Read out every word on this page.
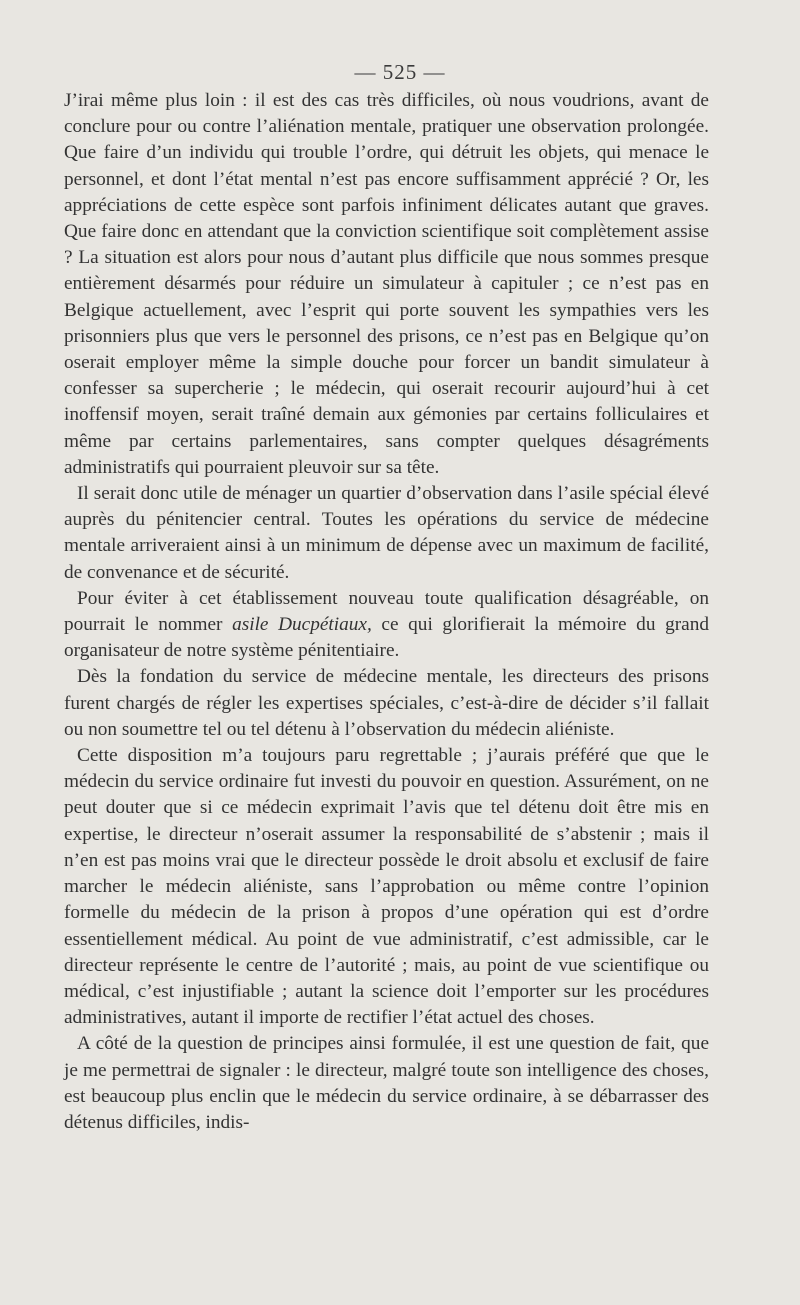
— 525 —

J’irai même plus loin : il est des cas très difficiles, où nous voudrions, avant de conclure pour ou contre l’aliénation mentale, pratiquer une observation prolongée. Que faire d’un individu qui trouble l’ordre, qui détruit les objets, qui menace le personnel, et dont l’état mental n’est pas encore suffisamment apprécié ? Or, les appréciations de cette espèce sont parfois infiniment délicates autant que graves. Que faire donc en attendant que la conviction scientifique soit complètement assise ? La situation est alors pour nous d’autant plus difficile que nous sommes presque entièrement désarmés pour réduire un simulateur à capituler ; ce n’est pas en Belgique actuellement, avec l’esprit qui porte souvent les sympathies vers les prisonniers plus que vers le personnel des prisons, ce n’est pas en Belgique qu’on oserait employer même la simple douche pour forcer un bandit simulateur à confesser sa supercherie ; le médecin, qui oserait recourir aujourd’hui à cet inoffensif moyen, serait traîné demain aux gémonies par certains folliculaires et même par certains parlementaires, sans compter quelques désagréments administratifs qui pourraient pleuvoir sur sa tête.

Il serait donc utile de ménager un quartier d’observation dans l’asile spécial élevé auprès du pénitencier central. Toutes les opérations du service de médecine mentale arriveraient ainsi à un minimum de dépense avec un maximum de facilité, de convenance et de sécurité.

Pour éviter à cet établissement nouveau toute qualification désagréable, on pourrait le nommer asile Ducpétiaux, ce qui glorifierait la mémoire du grand organisateur de notre système pénitentiaire.

Dès la fondation du service de médecine mentale, les directeurs des prisons furent chargés de régler les expertises spéciales, c’est-à-dire de décider s’il fallait ou non soumettre tel ou tel détenu à l’observation du médecin aliéniste.

Cette disposition m’a toujours paru regrettable ; j’aurais préféré que que le médecin du service ordinaire fut investi du pouvoir en question. Assurément, on ne peut douter que si ce médecin exprimait l’avis que tel détenu doit être mis en expertise, le directeur n’oserait assumer la responsabilité de s’abstenir ; mais il n’en est pas moins vrai que le directeur possède le droit absolu et exclusif de faire marcher le médecin aliéniste, sans l’approbation ou même contre l’opinion formelle du médecin de la prison à propos d’une opération qui est d’ordre essentiellement médical. Au point de vue administratif, c’est admissible, car le directeur représente le centre de l’autorité ; mais, au point de vue scientifique ou médical, c’est injustifiable ; autant la science doit l’emporter sur les procédures administratives, autant il importe de rectifier l’état actuel des choses.

A côté de la question de principes ainsi formulée, il est une question de fait, que je me permettrai de signaler : le directeur, malgré toute son intelligence des choses, est beaucoup plus enclin que le médecin du service ordinaire, à se débarrasser des détenus difficiles, indis-
